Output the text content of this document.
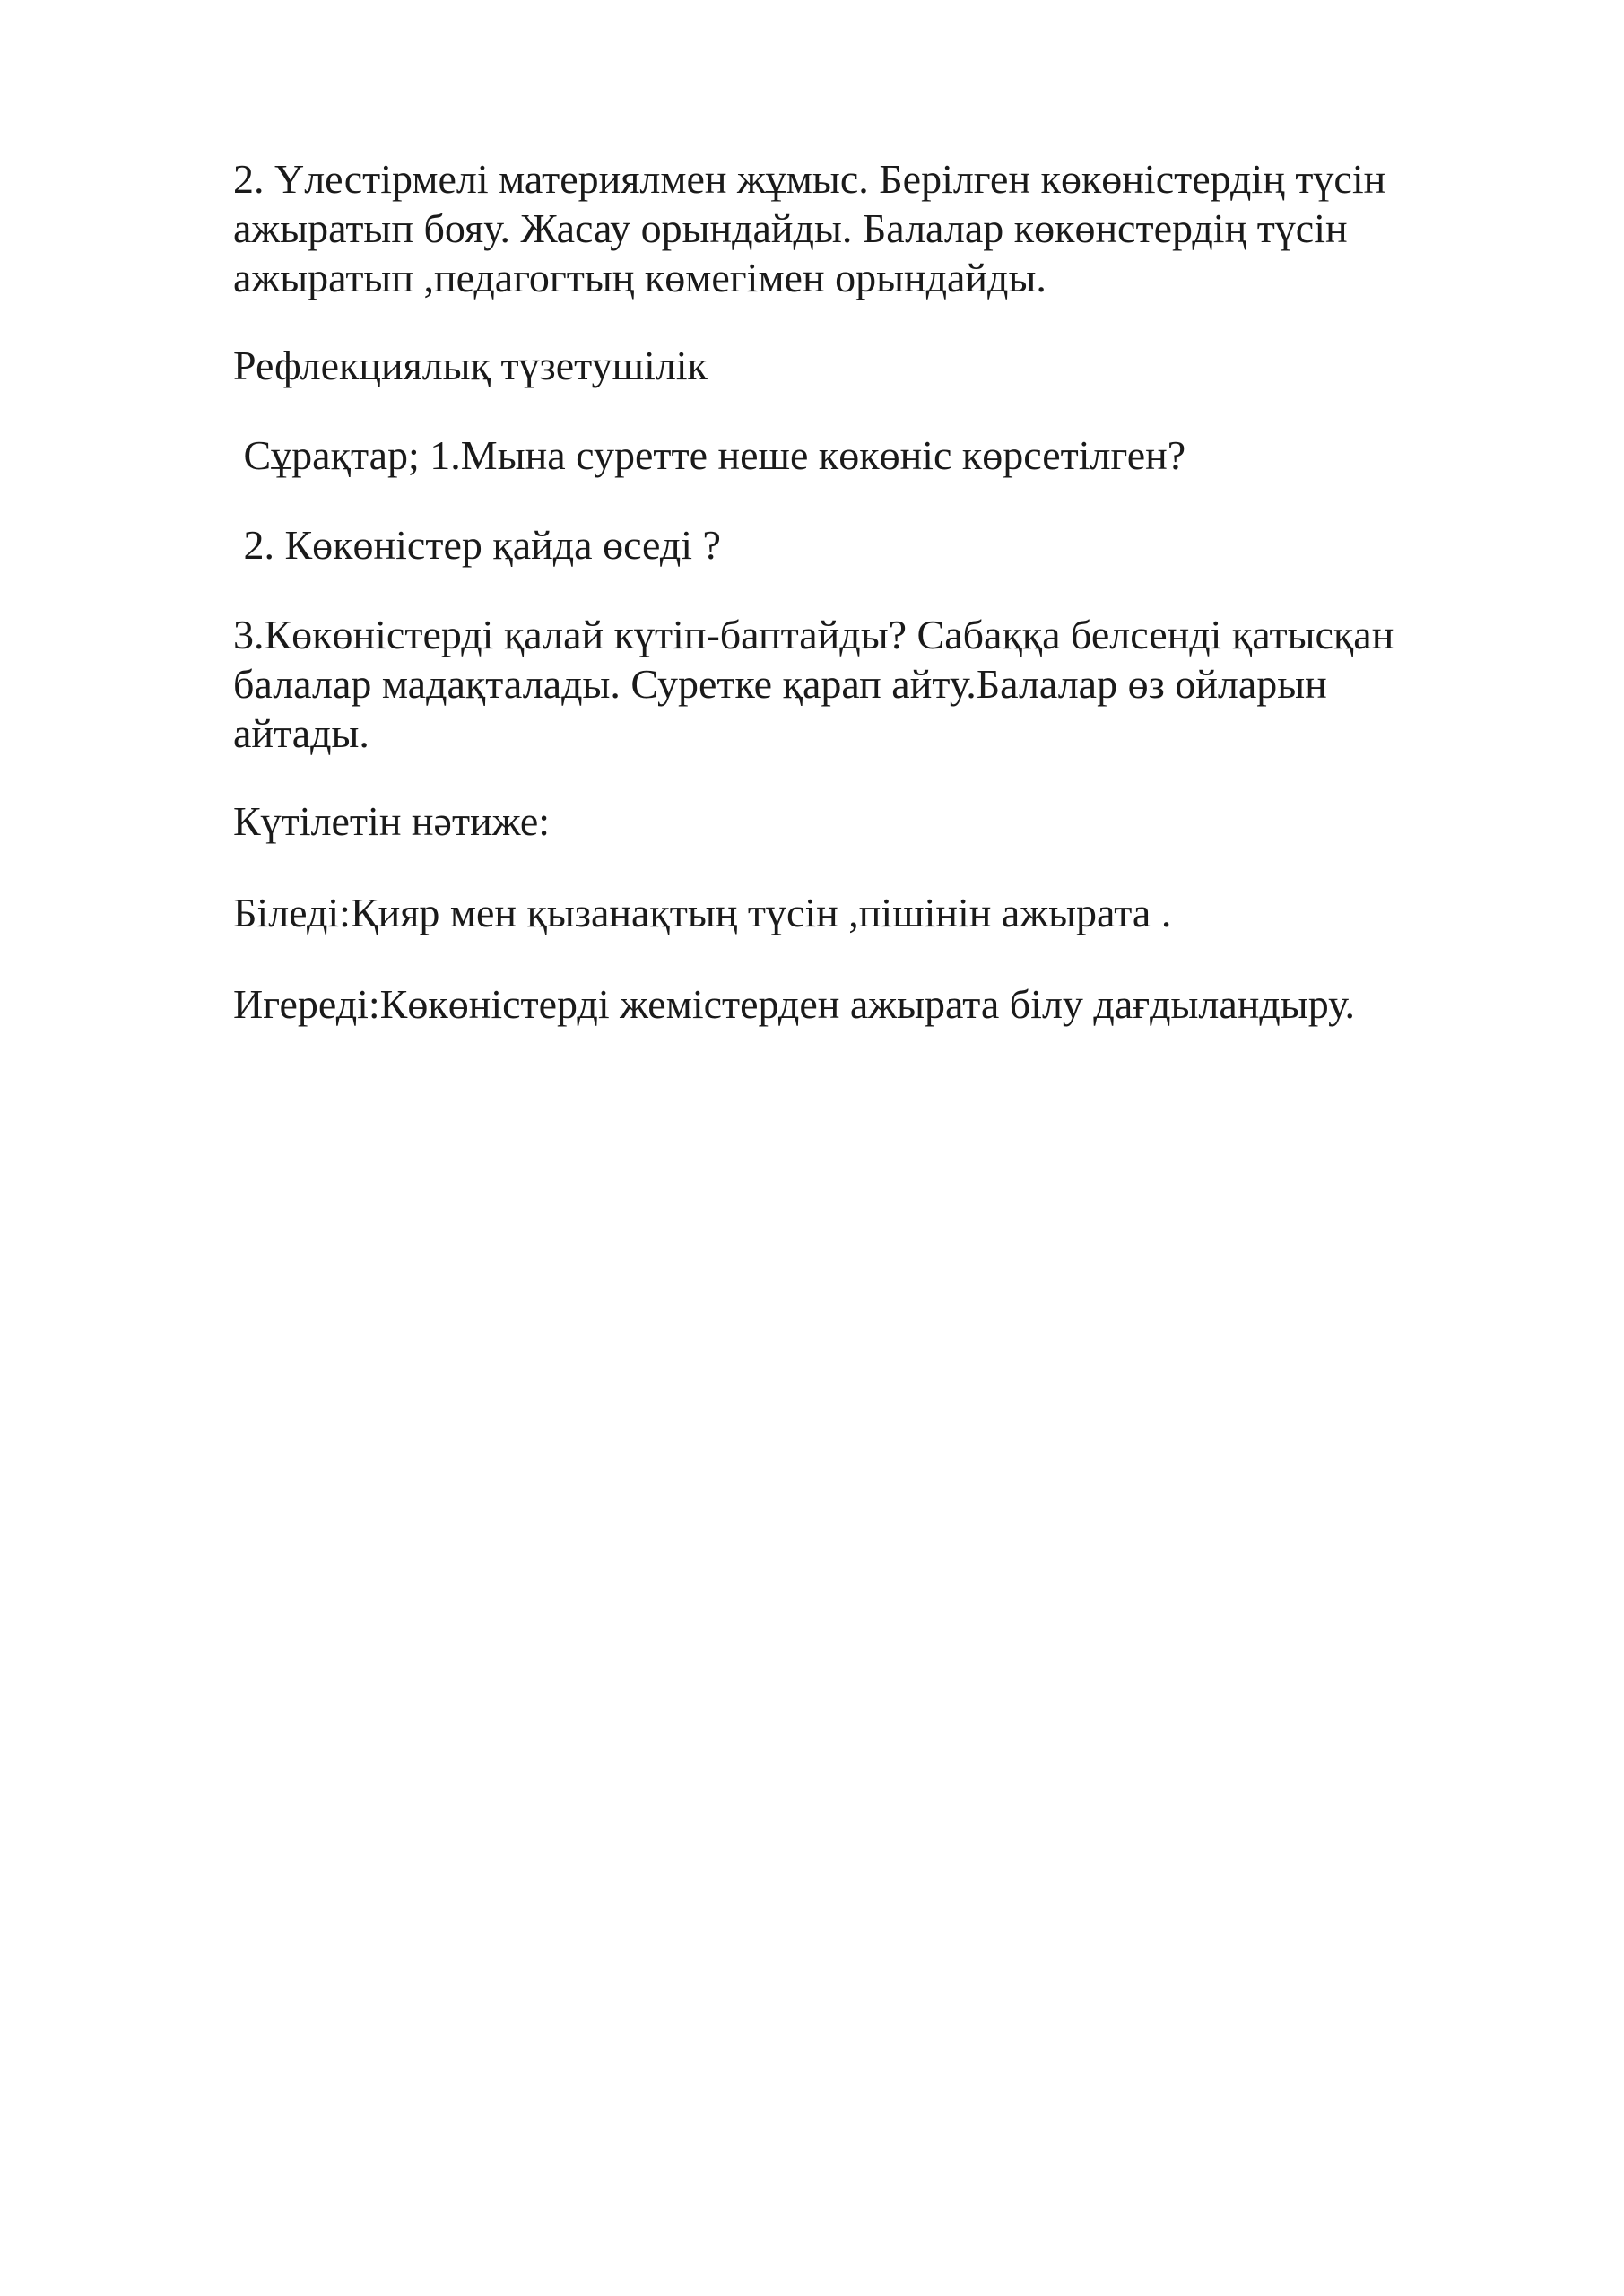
2. Үлестірмелі материялмен жұмыс. Берілген көкөністердің түсін
ажыратып бояу. Жасау орындайды. Балалар көкөнстердің түсін
ажыратып ,педагогтың көмегімен орындайды.

Рефлекциялық түзетушілік

Сұрақтар; 1.Мына суретте неше көкөніс көрсетілген?

2. Көкөністер қайда өседі ?

3.Көкөністерді қалай күтіп-баптайды? Сабаққа белсенді қатысқан
балалар мадақталады. Суретке қарап айту.Балалар өз ойларын
айтады.

Күтілетін нәтиже:

Біледі:Қияр мен қызанақтың түсін ,пішінін ажырата .

Игереді:Көкөністерді жемістерден ажырата білу дағдыландыру.
